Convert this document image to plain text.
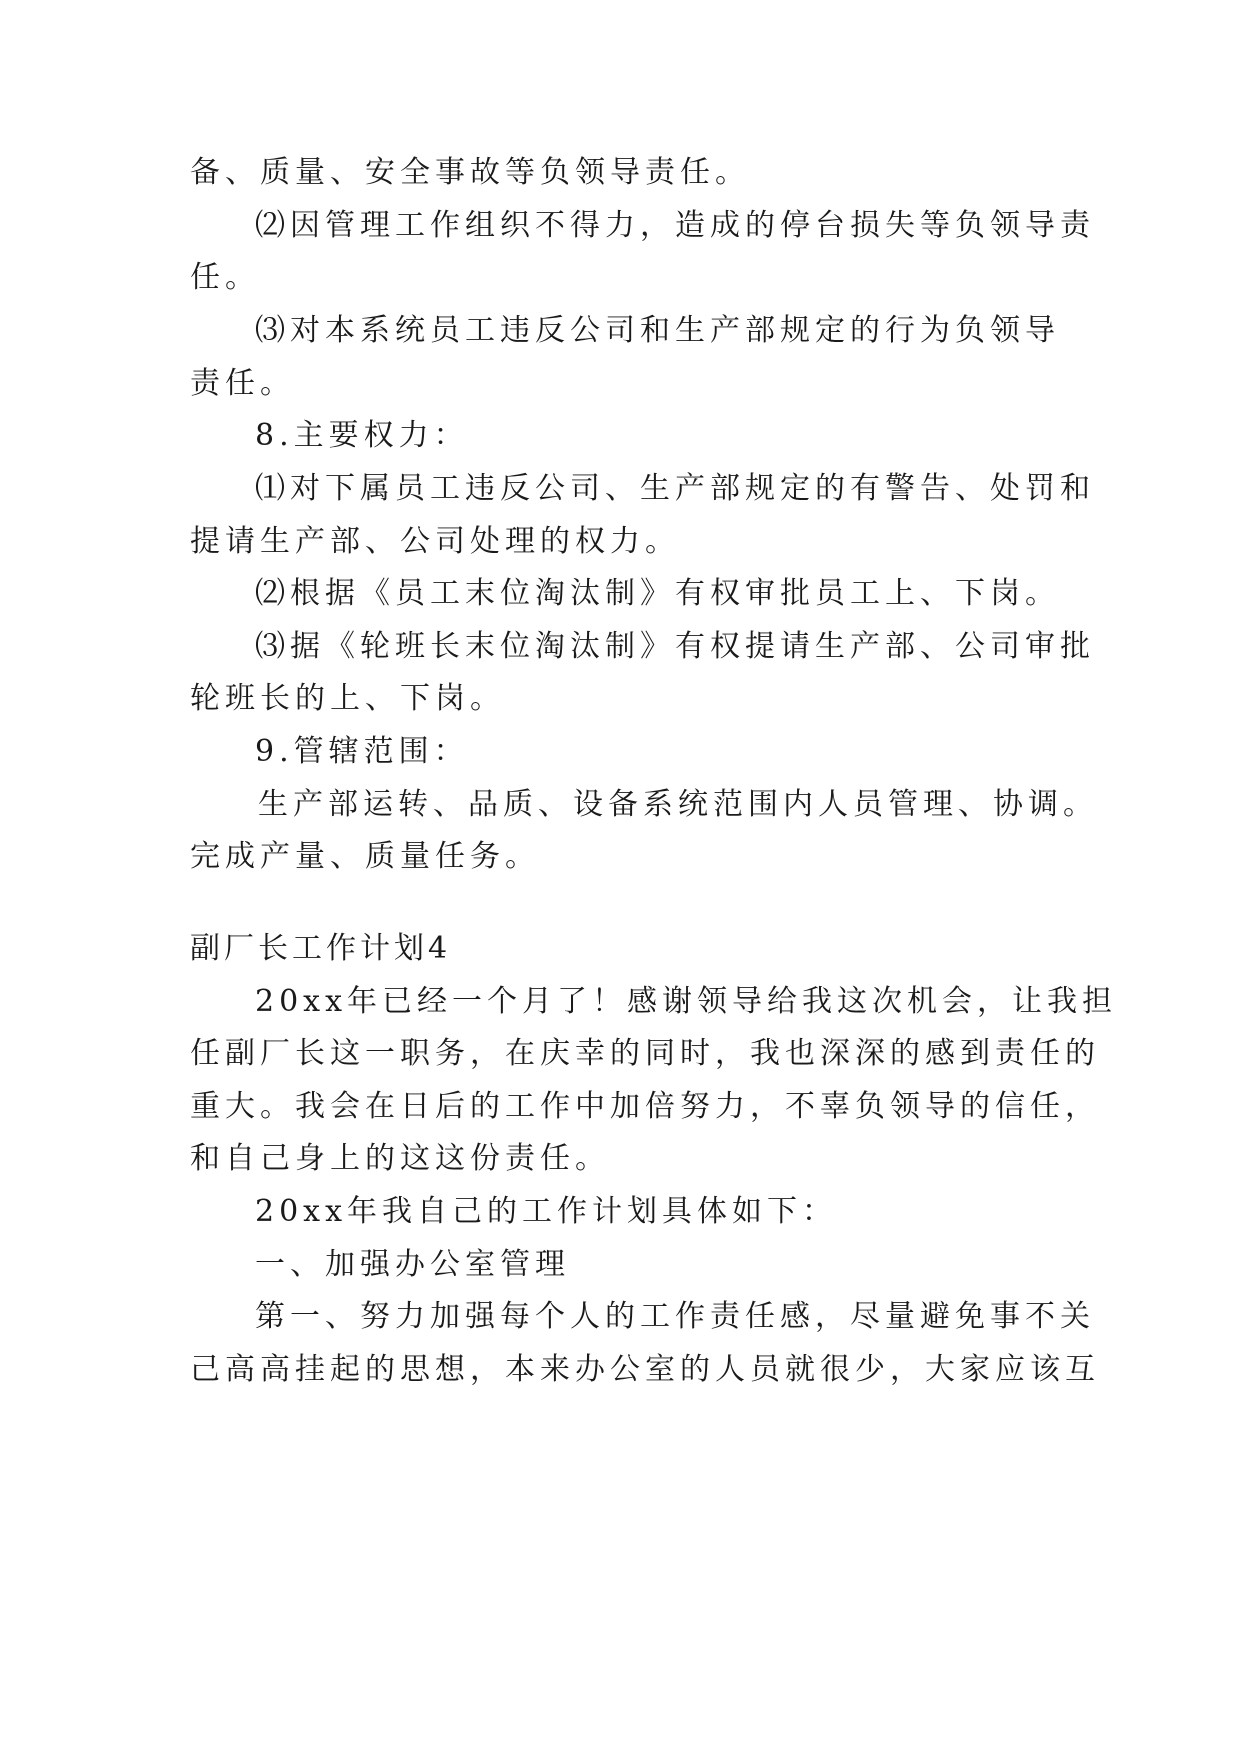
备、质量、安全事故等负领导责任。
⑵因管理工作组织不得力，造成的停台损失等负领导责
任。
⑶对本系统员工违反公司和生产部规定的行为负领导
责任。
8.主要权力：
⑴对下属员工违反公司、生产部规定的有警告、处罚和
提请生产部、公司处理的权力。
⑵根据《员工末位淘汰制》有权审批员工上、下岗。
⑶据《轮班长末位淘汰制》有权提请生产部、公司审批
轮班长的上、下岗。
9.管辖范围：
生产部运转、品质、设备系统范围内人员管理、协调。
完成产量、质量任务。
副厂长工作计划4
20xx年已经一个月了！感谢领导给我这次机会，让我担
任副厂长这一职务，在庆幸的同时，我也深深的感到责任的
重大。我会在日后的工作中加倍努力，不辜负领导的信任，
和自己身上的这这份责任。
20xx年我自己的工作计划具体如下：
一、加强办公室管理
第一、努力加强每个人的工作责任感，尽量避免事不关
己高高挂起的思想，本来办公室的人员就很少，大家应该互
